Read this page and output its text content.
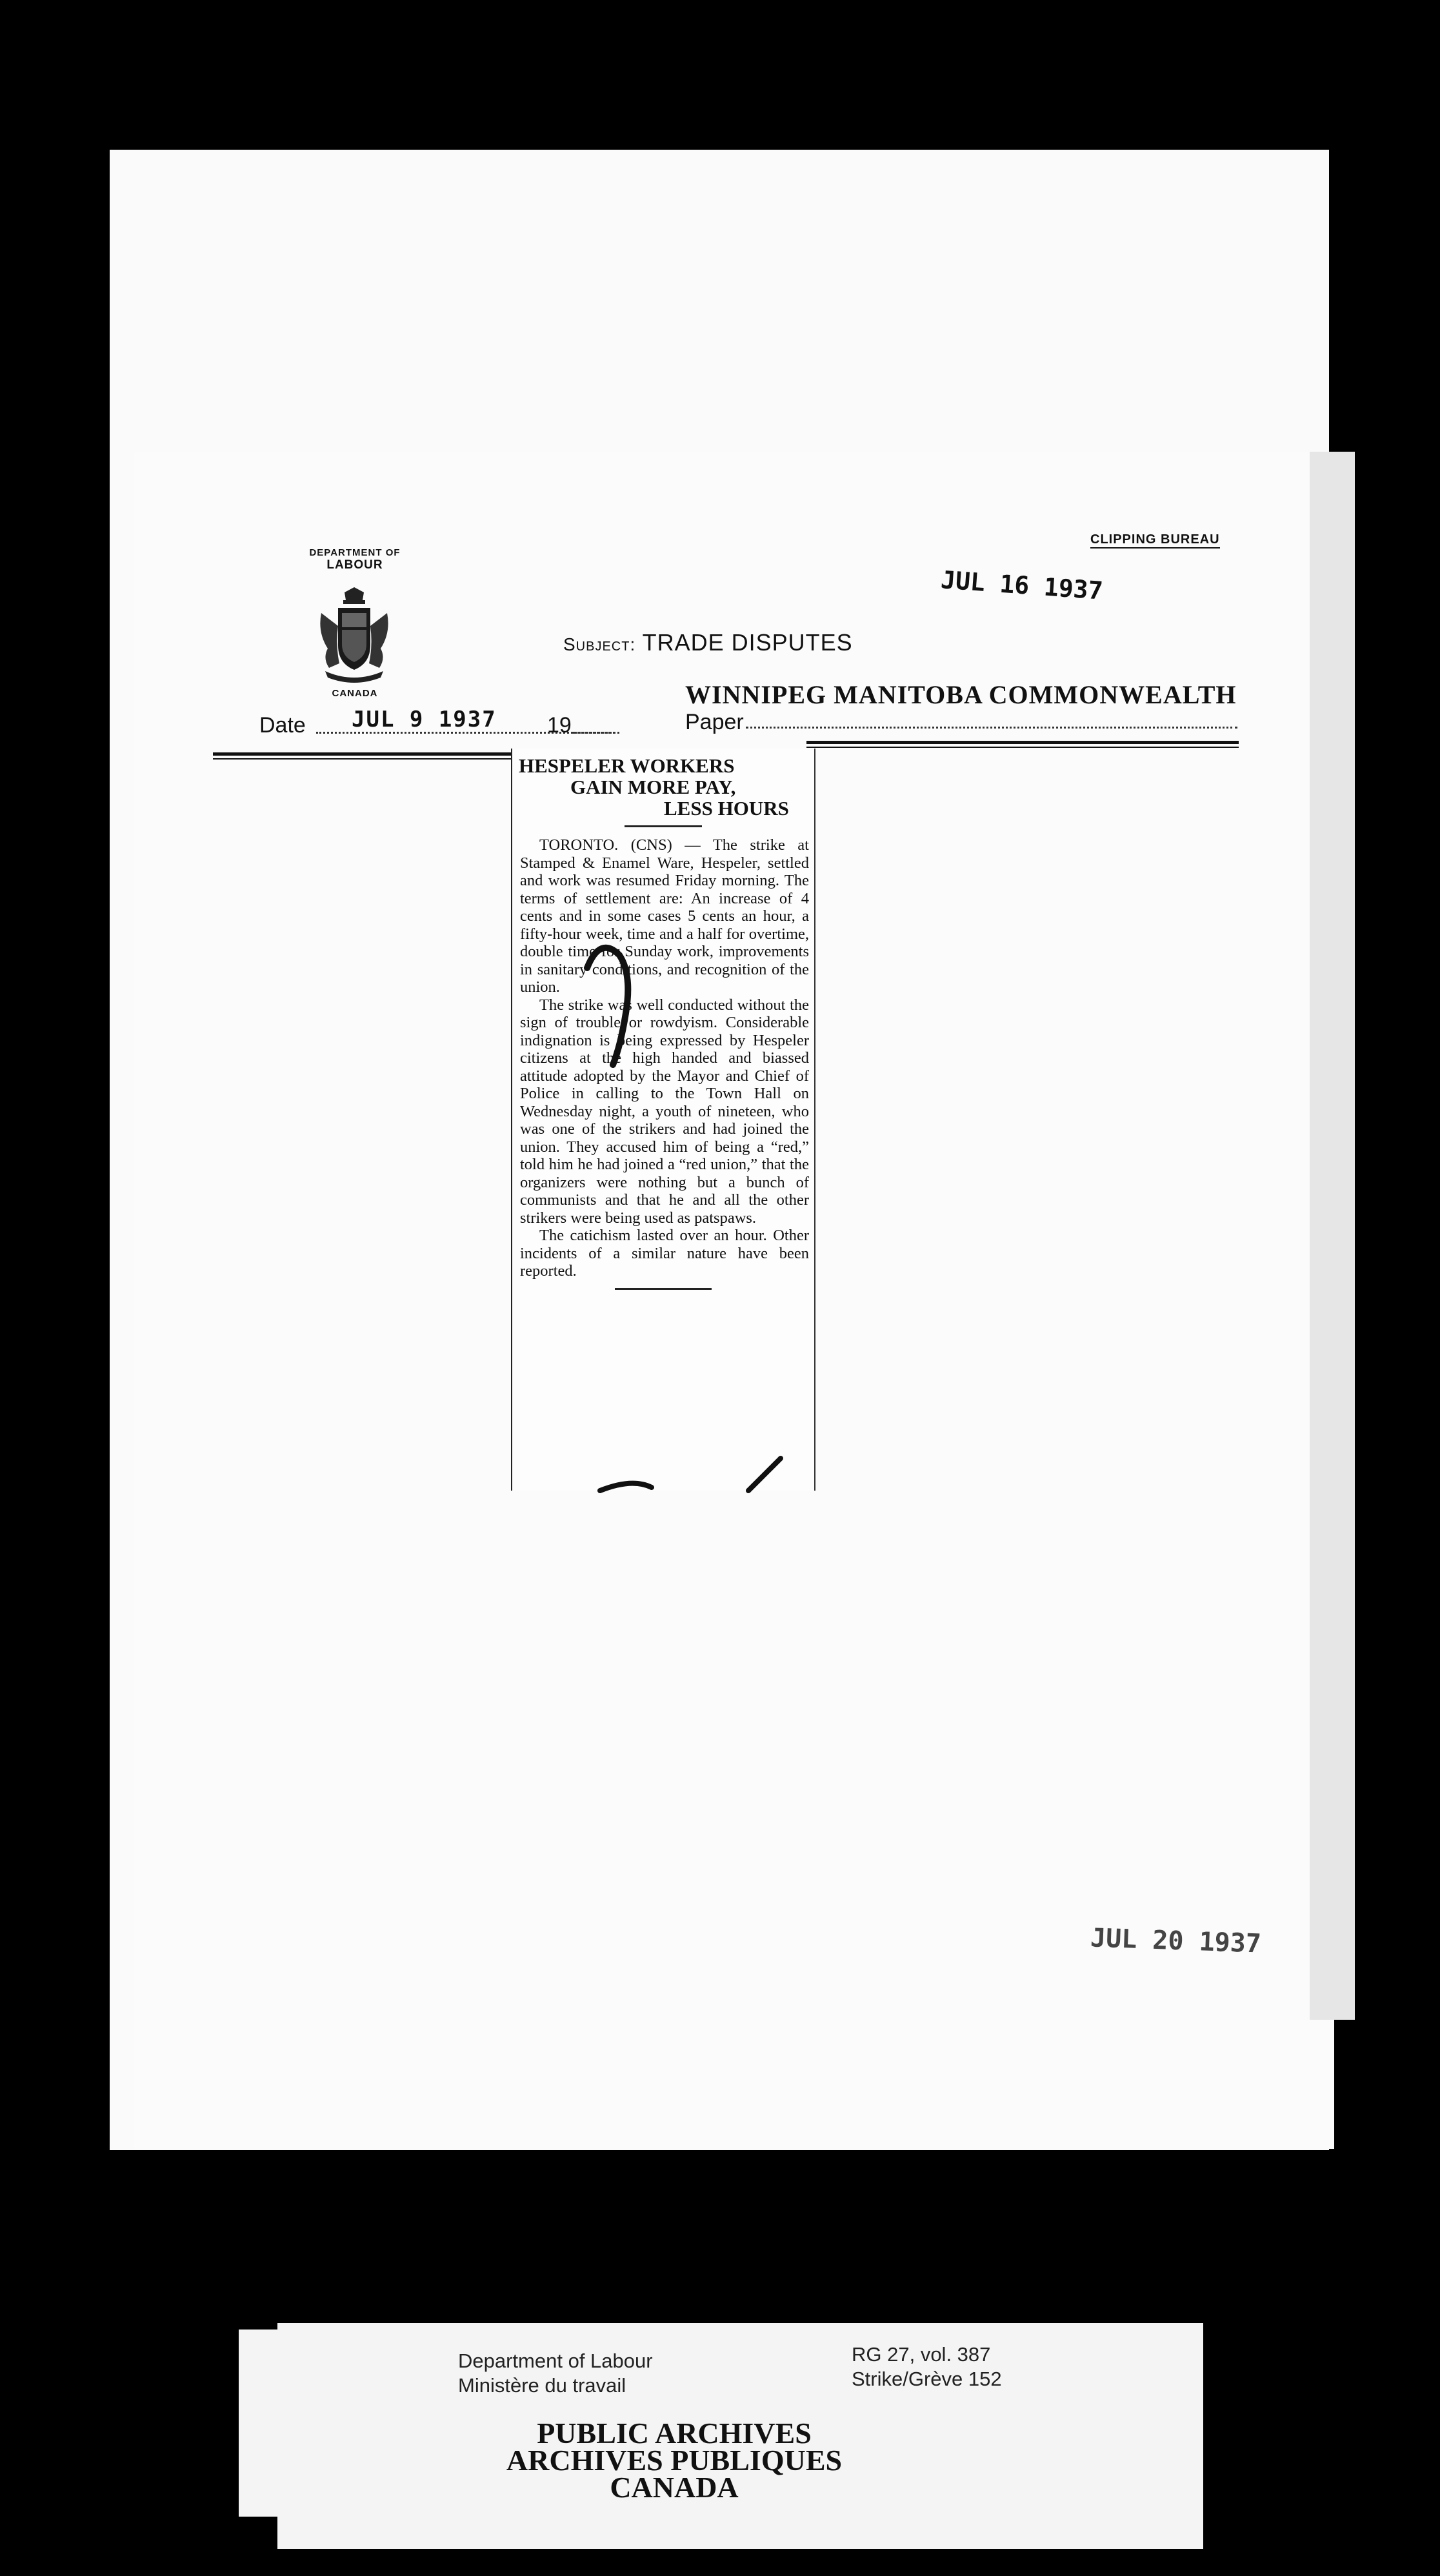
DEPARTMENT OF
LABOUR
CANADA
CLIPPING BUREAU
JUL 16 1937
Subject: TRADE DISPUTES
WINNIPEG MANITOBA COMMONWEALTH
Date JUL 9 1937 19	Paper
HESPELER WORKERS
GAIN MORE PAY,
LESS HOURS

TORONTO. (CNS) — The strike at Stamped & Enamel Ware, Hespeler, settled and work was resumed Friday morning. The terms of settlement are: An increase of 4 cents and in some cases 5 cents an hour, a fifty-hour week, time and a half for overtime, double time for Sunday work, improvements in sanitary conditions, and recognition of the union.

The strike was well conducted without the sign of trouble or rowdyism. Considerable indignation is being expressed by Hespeler citizens at the high handed and biassed attitude adopted by the Mayor and Chief of Police in calling to the Town Hall on Wednesday night, a youth of nineteen, who was one of the strikers and had joined the union. They accused him of being a “red,” told him he had joined a “red union,” that the organizers were nothing but a bunch of communists and that he and all the other strikers were being used as patspaws.

The catichism lasted over an hour. Other incidents of a similar nature have been reported.

JUL 20 1937
Department of Labour
Ministère du travail
RG 27, vol. 387
Strike/Grève 152
PUBLIC ARCHIVES
ARCHIVES PUBLIQUES
CANADA
